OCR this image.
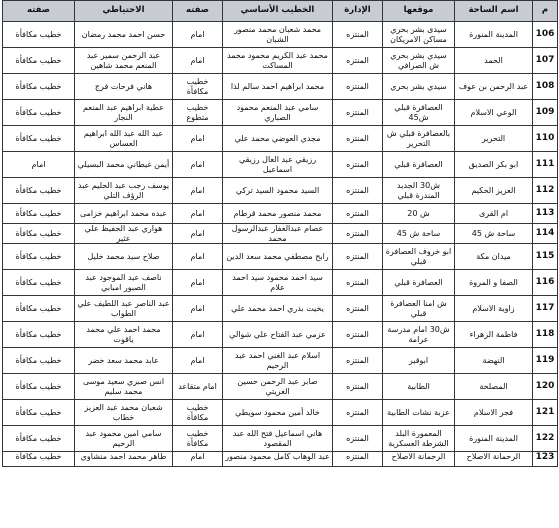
م	اسم الساحة	موقعها	الإدارة	الخطيب الأساسي	صفته	الاحتياطي	صفته
106	المدينة المنورة	سيدى بشر بحري مساكن الامريكان	المنتزه	محمد شعبان محمد منصور الشبان	امام	حسن احمد محمد رمضان	خطيب مكافأة
107	الحمد	سيدي بشر بحري ش الصرافي	المنتزه	محمد عبد الكريم محمود محمد المساكت	امام	عبد الرحمن سمير عبد المنعم محمد شاهين	خطيب مكافأة
108	عبد الرحمن بن عوف	سيدي بشر بحري	المنتزه	محمد ابراهيم احمد سالم لذا	خطيب مكافأة	هاني فرحات فرج	خطيب مكافأة
109	الوعي الاسلام	العصافرة قبلي ش45	المنتزه	سامي عبد المنعم محمود الصباري	خطيب متطوع	عطية ابراهيم عبد المنعم النجار	خطيب مكافأة
110	التحرير	بالعصافرة قبلي ش التحرير	المنتزه	مجدي العوضي محمد علي	امام	عبد الله عبد الله ابراهيم العساس	خطيب مكافأة
111	ابو بكر الصديق	العصافرة قبلي	المنتزه	رزيقي عبد العال رزيقي اسماعيل	امام	أيمن غيطاني محمد البسيلي	امام
112	العزيز الحكيم	ش30 الجديد المندرة قبلي	المنتزه	السيد محمود السيد تركي	امام	يوسف رجب عبد الحليم عبد الرؤف التلي	خطيب مكافأة
113	ام القرى	ش 20	المنتزه	محمد منصور محمد قرطام	امام	عبده محمد ابراهيم خزامى	خطيب مكافأة
114	ساحة ش 45	ساحة ش 45	المنتزه	عصام عبدالغفار عبدالرسول محمد	امام	هواري عبد الحفيظ علي عثير	خطيب مكافأة
115	ميدان مكة	ابو خروف العصافرة قبلي	المنتزه	رابح مصطفي محمد سعد الدين	امام	صلاح سيد محمد خليل	خطيب مكافأة
116	الصفا و المروة	العصافرة قبلي	المنتزه	سيد احمد محمود سيد احمد علام	امام	ناصف عبد الموجود عبد الصبور امبابي	خطيب مكافأة
117	زاوية الاسلام	ش امنا العصافرة قبلي	المنتزه	يخيت بدري احمد محمد علي	امام	عبد الناصر عبد اللطيف علي الطواب	خطيب مكافأة
118	فاطمة الزهراء	ش30 امام مدرسة عرامة	المنتزه	عزمي عبد الفتاح علي شوالي	امام	محمد احمد علي محمد ياقوت	خطيب مكافأة
119	النهضة	ابوقير	المنتزه	اسلام عبد الغني احمد عبد الرحيم	امام	عابد محمد سعد خضر	خطيب مكافأة
120	المصلحة	الطابية	المنتزه	صابر عبد الرحمن حسين الغريتي	امام متقاعد	انس صبري سعيد موسى محمد سليم	خطيب مكافأة
121	فجر الاسلام	عزبة نشات الطابية	المنتزه	خالد أمين محمود سويطي	خطيب مكافأة	شعبان محمد عبد العزيز خطاب	خطيب مكافأة
122	المدينة المنورة	المعمورة البلد الشرطة العسكرية	المنتزه	هاني اسماعيل فتح الله عبد المقصود	خطيب مكافأة	سامي امين محمود عبد الرحيم	خطيب مكافأة
123	الرحمانة الاصلاح	الرحمانة الاصلاح	المنتزه	عبد الوهاب كامل محمود منصور	امام	طاهر محمد احمد منشاوي	خطيب مكافأة
